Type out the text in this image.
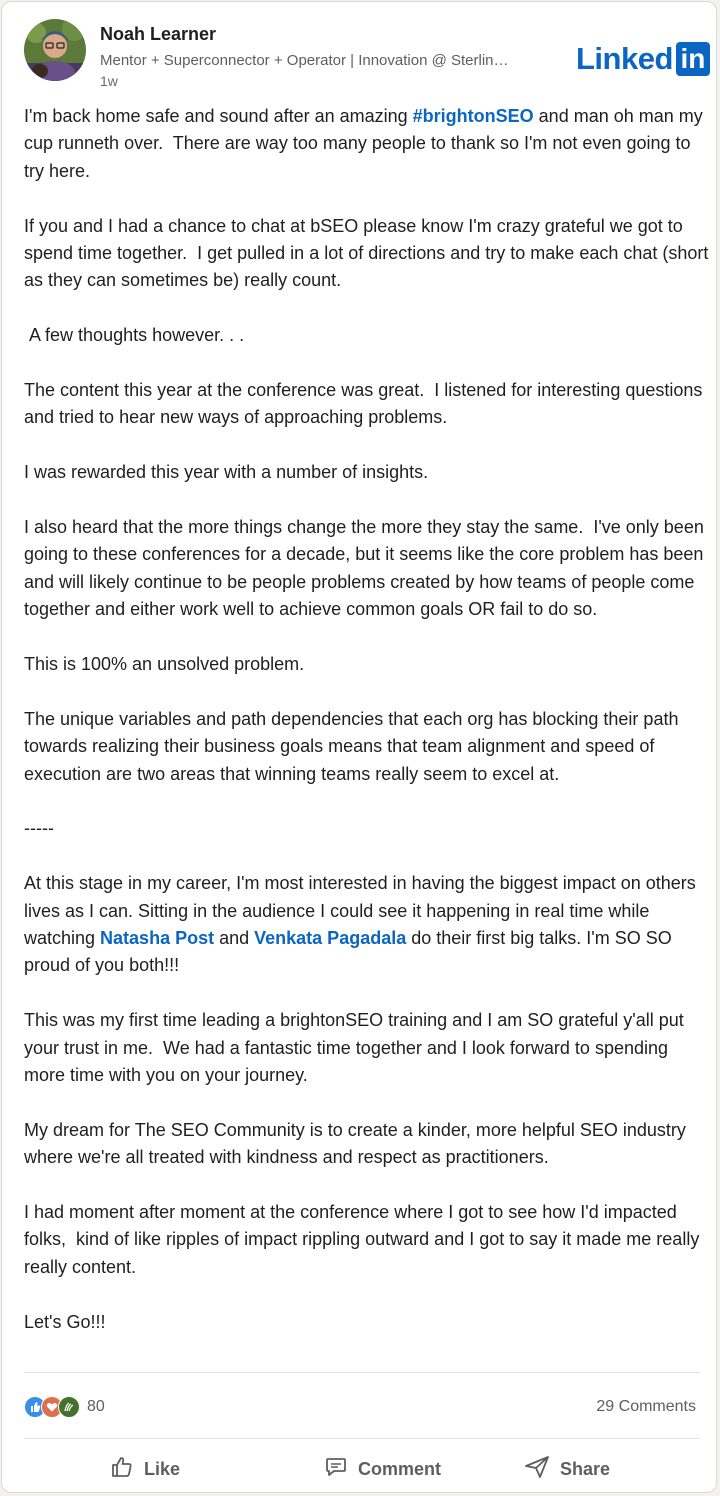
Noah Learner
Mentor + Superconnector + Operator | Innovation @ Sterlin…
1w
Linked in

I'm back home safe and sound after an amazing #brightonSEO and man oh man my cup runneth over.  There are way too many people to thank so I'm not even going to try here.

If you and I had a chance to chat at bSEO please know I'm crazy grateful we got to spend time together.  I get pulled in a lot of directions and try to make each chat (short as they can sometimes be) really count.

A few thoughts however. . .

The content this year at the conference was great.  I listened for interesting questions and tried to hear new ways of approaching problems.

I was rewarded this year with a number of insights.

I also heard that the more things change the more they stay the same.  I've only been going to these conferences for a decade, but it seems like the core problem has been and will likely continue to be people problems created by how teams of people come together and either work well to achieve common goals OR fail to do so.

This is 100% an unsolved problem.

The unique variables and path dependencies that each org has blocking their path towards realizing their business goals means that team alignment and speed of execution are two areas that winning teams really seem to excel at.

-----

At this stage in my career, I'm most interested in having the biggest impact on others lives as I can. Sitting in the audience I could see it happening in real time while watching Natasha Post and Venkata Pagadala do their first big talks. I'm SO SO proud of you both!!!

This was my first time leading a brightonSEO training and I am SO grateful y'all put your trust in me.  We had a fantastic time together and I look forward to spending more time with you on your journey.

My dream for The SEO Community is to create a kinder, more helpful SEO industry where we're all treated with kindness and respect as practitioners.

I had moment after moment at the conference where I got to see how I'd impacted folks,  kind of like ripples of impact rippling outward and I got to say it made me really really content.

Let's Go!!!

80	29 Comments
Like	Comment	Share
